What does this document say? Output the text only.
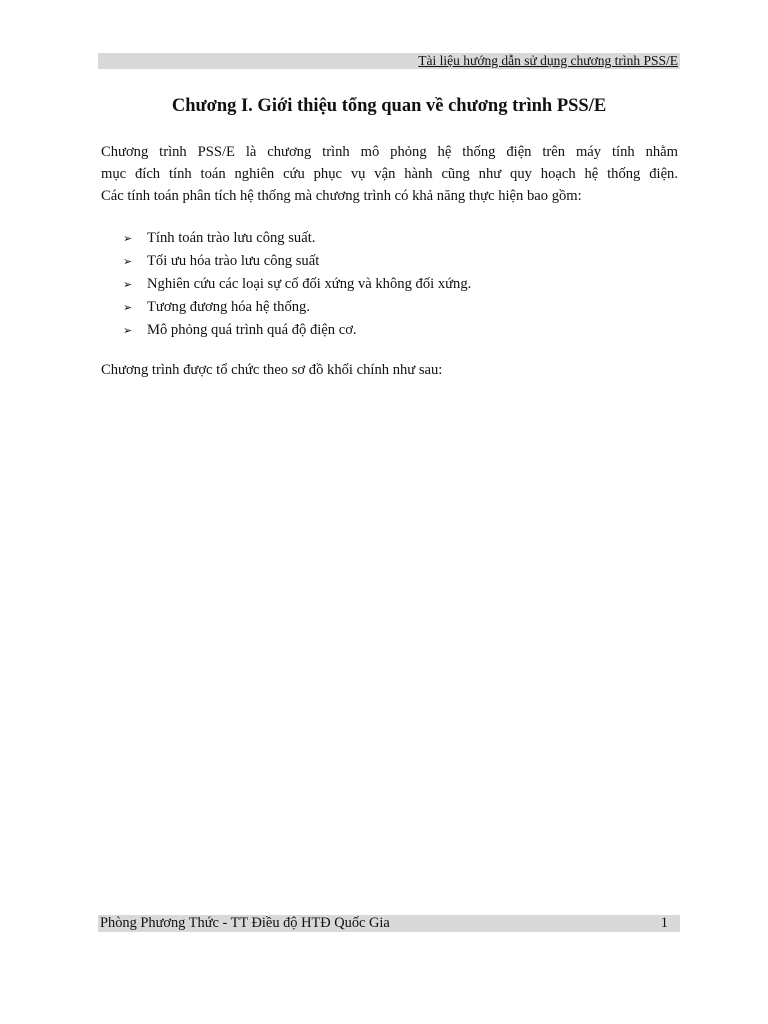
Tài liệu hướng dẫn sử dụng chương trình PSS/E
Chương I. Giới thiệu tổng quan về chương trình PSS/E
Chương trình PSS/E là chương trình mô phỏng hệ thống điện trên máy tính nhằm
mục đích tính toán nghiên cứu phục vụ vận hành cũng như quy hoạch hệ thống điện.
Các tính toán phân tích hệ thống mà chương trình có khả năng thực hiện bao gồm:
➢	Tính toán trào lưu công suất.
➢	Tối ưu hóa trào lưu công suất
➢	Nghiên cứu các loại sự cố đối xứng và không đối xứng.
➢	Tương đương hóa hệ thống.
➢	Mô phỏng quá trình quá độ điện cơ.
Chương trình được tổ chức theo sơ đồ khối chính như sau:
Phòng Phương Thức - TT Điều độ HTĐ Quốc Gia	1
